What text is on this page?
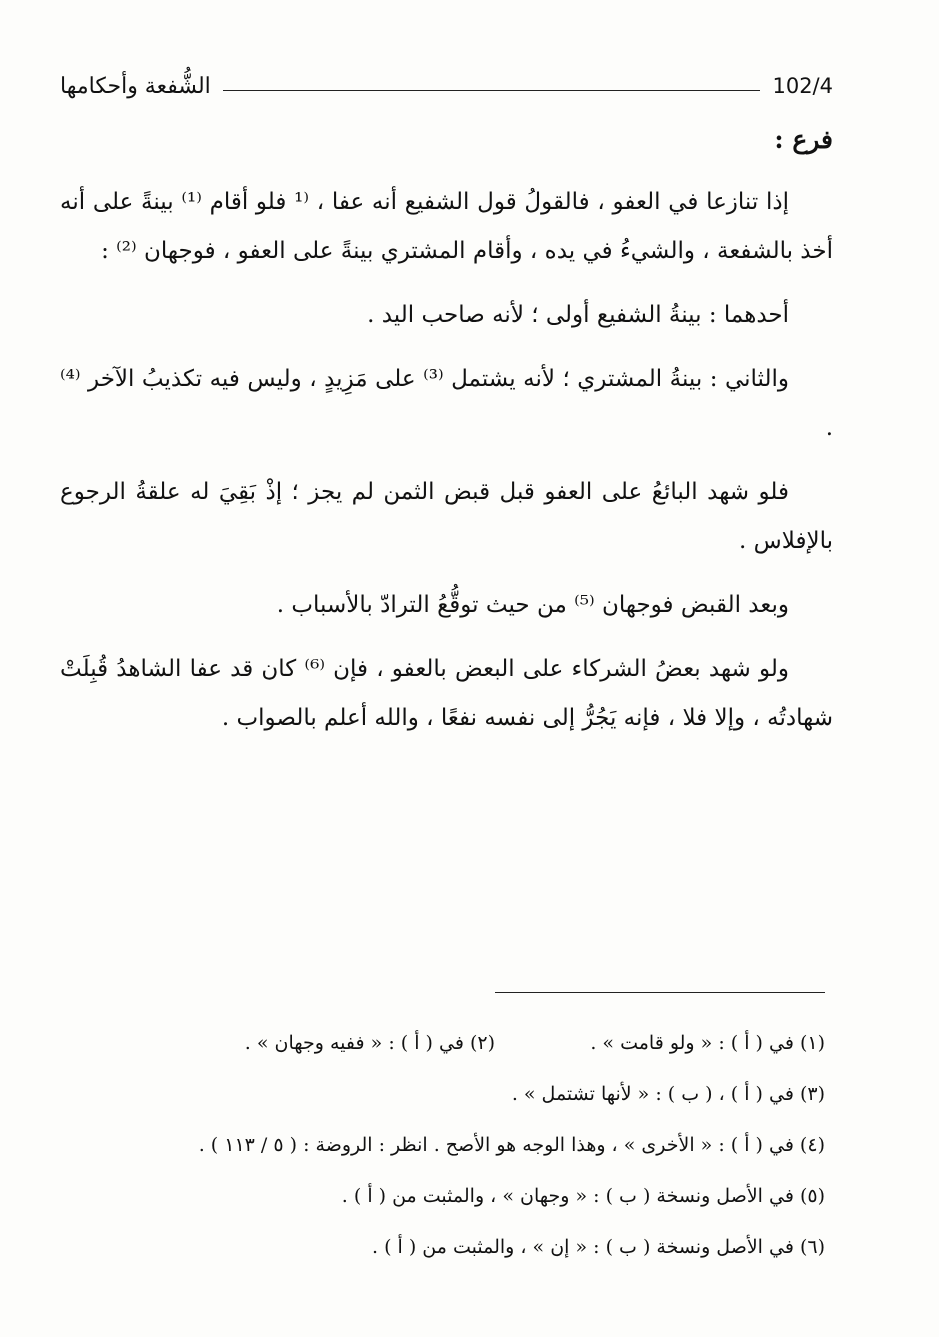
الشُّفعة وأحكامها	102/4
فرع :

إذا تنازعا في العفو ، فالقولُ قول الشفيع أنه عفا ، ⁽¹ فلو أقام ⁽¹⁾ بينةً على أنه أخذ بالشفعة ، والشيءُ في يده ، وأقام المشتري بينةً على العفو ، فوجهان ⁽²⁾ :

أحدهما : بينةُ الشفيع أولى ؛ لأنه صاحب اليد .

والثاني : بينةُ المشتري ؛ لأنه يشتمل ⁽³⁾ على مَزِيدٍ ، وليس فيه تكذيبُ الآخر ⁽⁴⁾ .

فلو شهد البائعُ على العفو قبل قبض الثمن لم يجز ؛ إذْ بَقِيَ له علقةُ الرجوع بالإفلاس .

وبعد القبض فوجهان ⁽⁵⁾ من حيث توقُّعُ الترادّ بالأسباب .

ولو شهد بعضُ الشركاء على البعض بالعفو ، فإن ⁽⁶⁾ كان قد عفا الشاهدُ قُبِلَتْ شهادتُه ، وإلا فلا ، فإنه يَجُرُّ إلى نفسه نفعًا ، والله أعلم بالصواب .

(١) في ( أ ) : « ولو قامت » .(٢) في ( أ ) : « ففيه وجهان » .
(٣) في ( أ ) ، ( ب ) : « لأنها تشتمل » .
(٤) في ( أ ) : « الأخرى » ، وهذا الوجه هو الأصح . انظر : الروضة : ( ٥ / ١١٣ ) .
(٥) في الأصل ونسخة ( ب ) : « وجهان » ، والمثبت من ( أ ) .
(٦) في الأصل ونسخة ( ب ) : « إن » ، والمثبت من ( أ ) .
